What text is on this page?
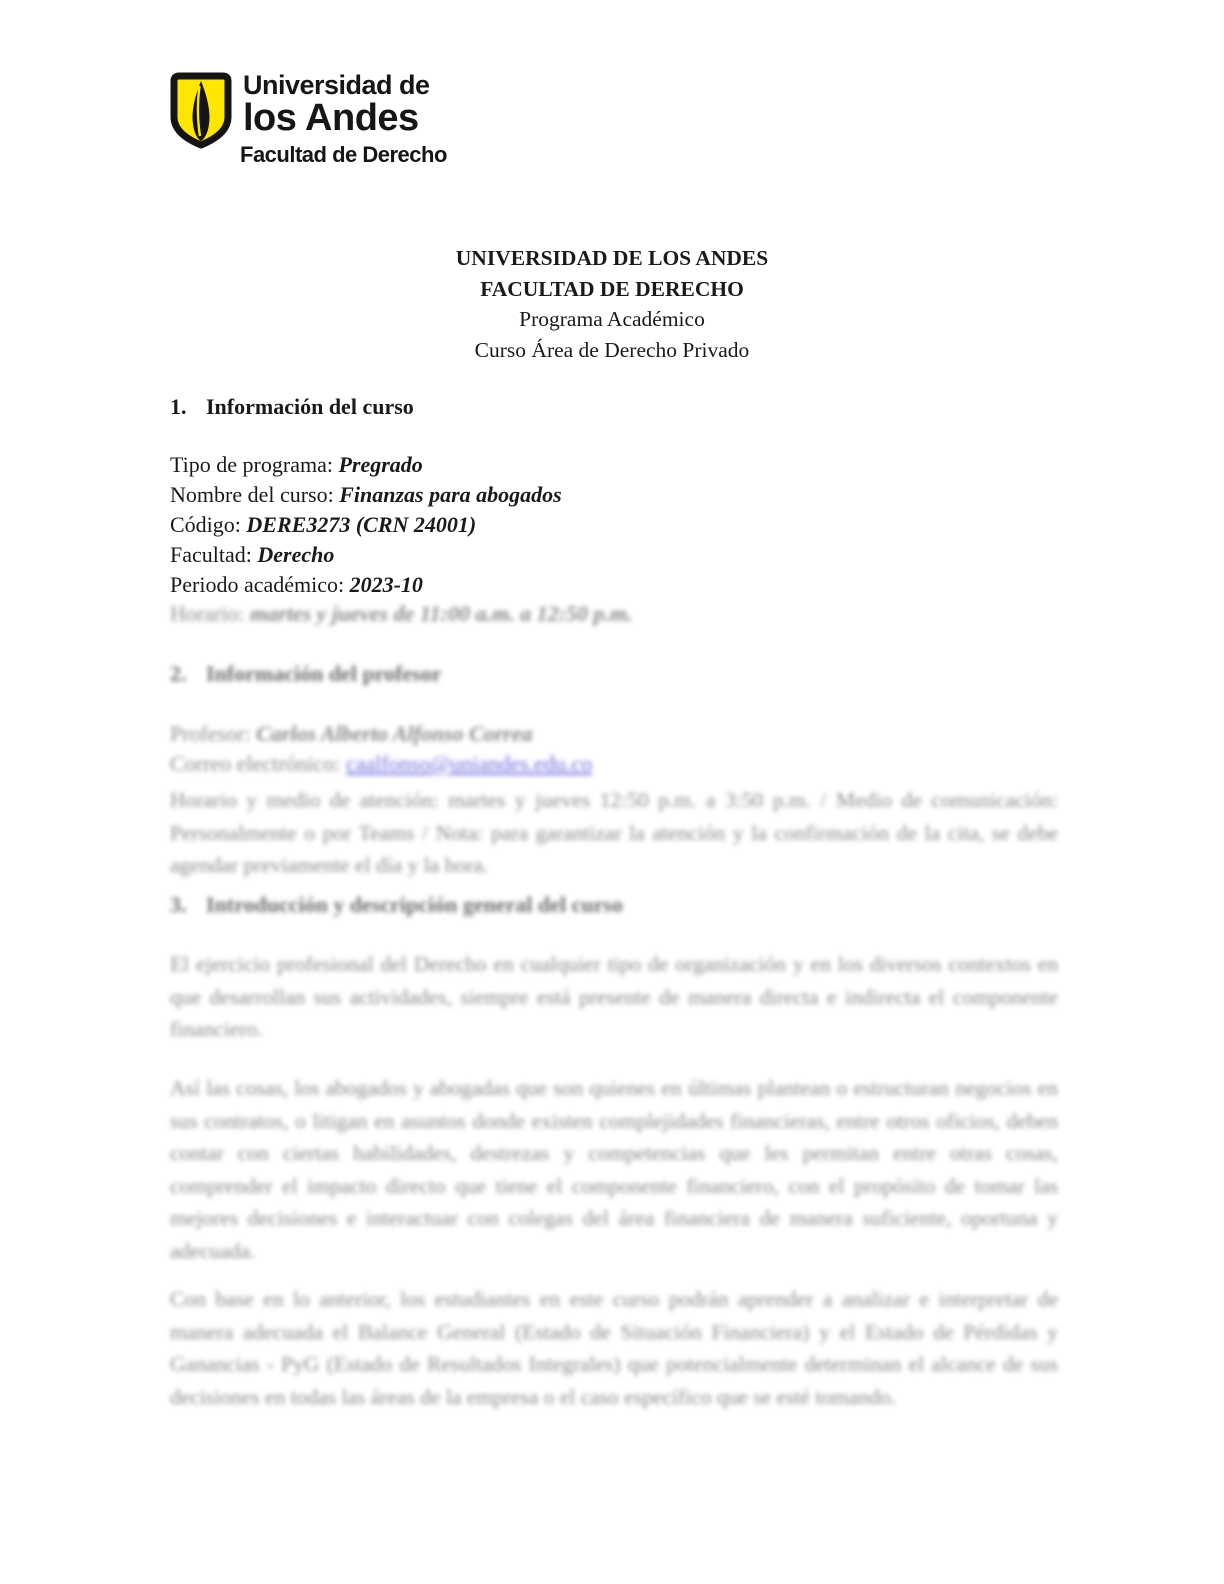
Universidad de
los Andes
Facultad de Derecho
UNIVERSIDAD DE LOS ANDES
FACULTAD DE DERECHO
Programa Académico
Curso Área de Derecho Privado
1. Información del curso
Tipo de programa: Pregrado
Nombre del curso: Finanzas para abogados
Código: DERE3273 (CRN 24001)
Facultad: Derecho
Periodo académico: 2023-10
Horario: martes y jueves de 11:00 a.m. a 12:50 p.m.
2. Información del profesor
Profesor: Carlos Alberto Alfonso Correa
Correo electrónico: caalfonso@uniandes.edu.co
Horario y medio de atención: martes y jueves 12:50 p.m. a 3:50 p.m. / Medio de comunicación: Personalmente o por Teams / Nota: para garantizar la atención y la confirmación de la cita, se debe agendar previamente el día y la hora.
3. Introducción y descripción general del curso
El ejercicio profesional del Derecho en cualquier tipo de organización y en los diversos contextos en que desarrollan sus actividades, siempre está presente de manera directa e indirecta el componente financiero.
Así las cosas, los abogados y abogadas que son quienes en últimas plantean o estructuran negocios en sus contratos, o litigan en asuntos donde existen complejidades financieras, entre otros oficios, deben contar con ciertas habilidades, destrezas y competencias que les permitan entre otras cosas, comprender el impacto directo que tiene el componente financiero, con el propósito de tomar las mejores decisiones e interactuar con colegas del área financiera de manera suficiente, oportuna y adecuada.
Con base en lo anterior, los estudiantes en este curso podrán aprender a analizar e interpretar de manera adecuada el Balance General (Estado de Situación Financiera) y el Estado de Pérdidas y Ganancias - PyG (Estado de Resultados Integrales) que potencialmente determinan el alcance de sus decisiones en todas las áreas de la empresa o el caso específico que se esté tomando.
